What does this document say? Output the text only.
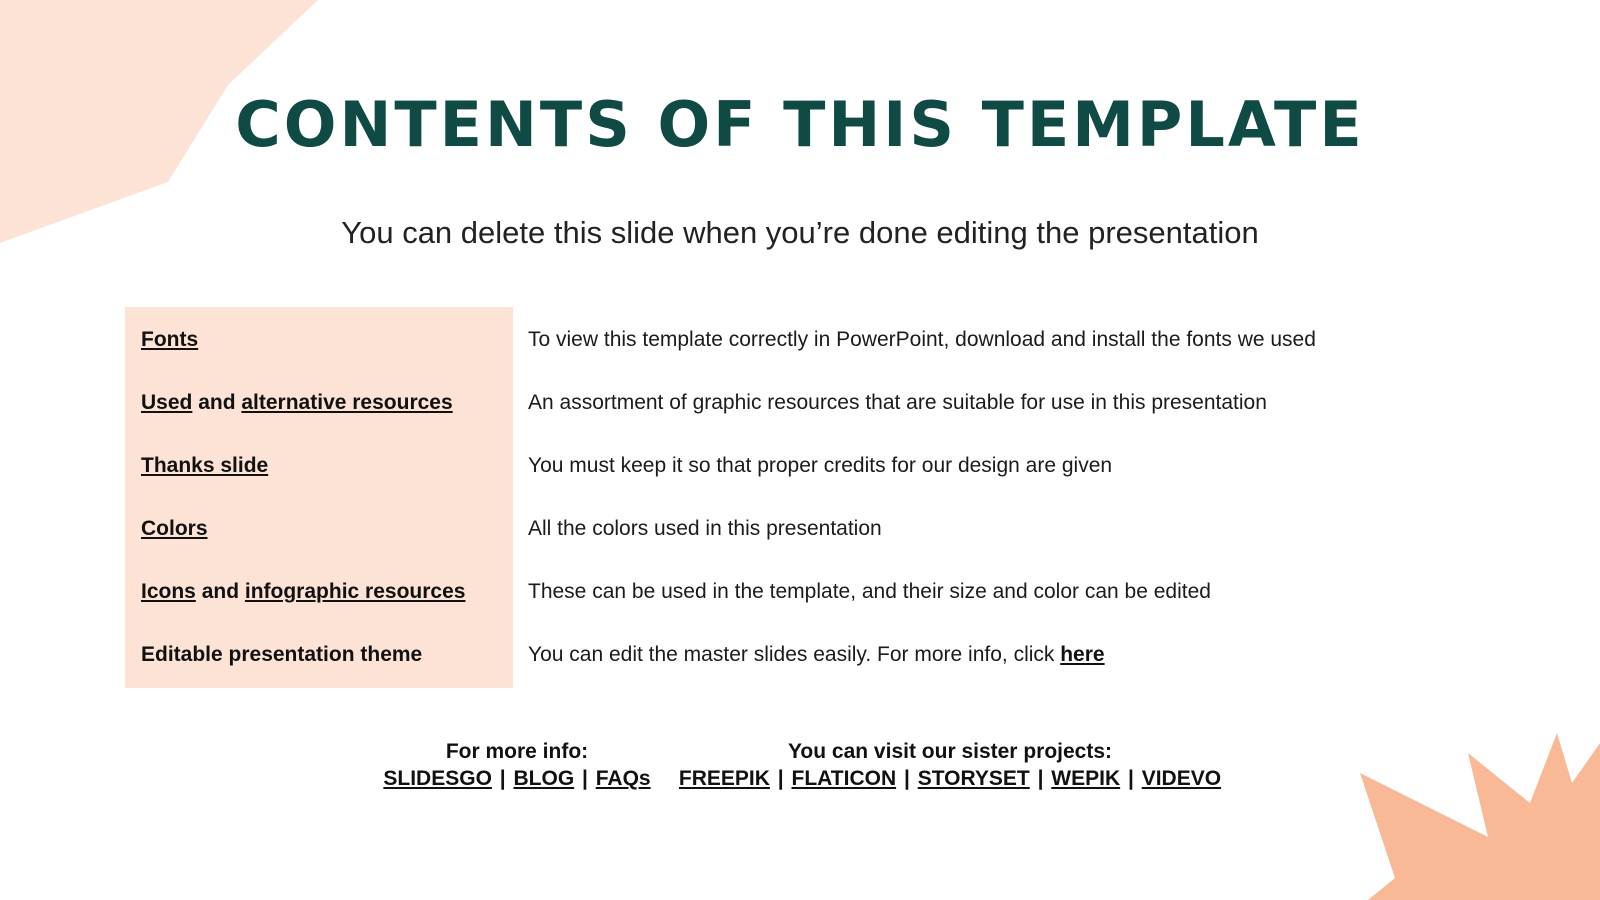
CONTENTS OF THIS TEMPLATE

You can delete this slide when you’re done editing the presentation

Fonts	To view this template correctly in PowerPoint, download and install the fonts we used
Used and alternative resources	An assortment of graphic resources that are suitable for use in this presentation
Thanks slide	You must keep it so that proper credits for our design are given
Colors	All the colors used in this presentation
Icons and infographic resources	These can be used in the template, and their size and color can be edited
Editable presentation theme	You can edit the master slides easily. For more info, click here
For more info:
SLIDESGO | BLOG | FAQs
You can visit our sister projects:
FREEPIK | FLATICON | STORYSET | WEPIK | VIDEVO
